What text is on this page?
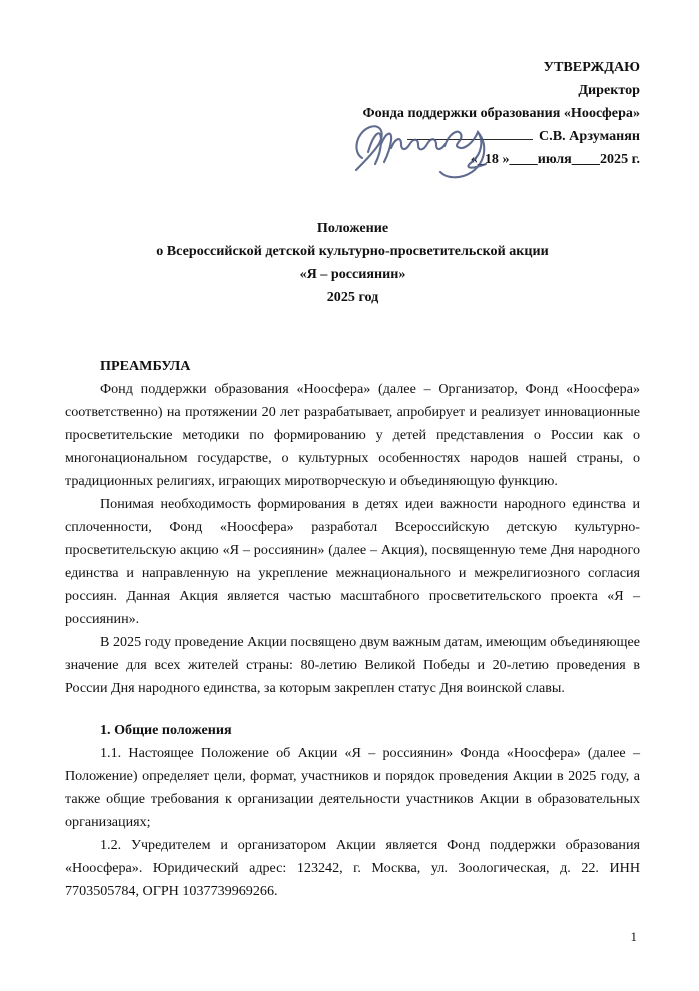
УТВЕРЖДАЮ
Директор
Фонда поддержки образования «Ноосфера»
С.В. Арзуманян
«_18 »____июля____2025 г.
Положение
о Всероссийской детской культурно-просветительской акции
«Я – россиянин»
2025 год

ПРЕАМБУЛА

Фонд поддержки образования «Ноосфера» (далее – Организатор, Фонд «Ноосфера» соответственно) на протяжении 20 лет разрабатывает, апробирует и реализует инновационные просветительские методики по формированию у детей представления о России как о многонациональном государстве, о культурных особенностях народов нашей страны, о традиционных религиях, играющих миротворческую и объединяющую функцию.

Понимая необходимость формирования в детях идеи важности народного единства и сплоченности, Фонд «Ноосфера» разработал Всероссийскую детскую культурно-просветительскую акцию «Я – россиянин» (далее – Акция), посвященную теме Дня народного единства и направленную на укрепление межнационального и межрелигиозного согласия россиян. Данная Акция является частью масштабного просветительского проекта «Я – россиянин».

В 2025 году проведение Акции посвящено двум важным датам, имеющим объединяющее значение для всех жителей страны: 80-летию Великой Победы и 20-летию проведения в России Дня народного единства, за которым закреплен статус Дня воинской славы.

1. Общие положения

1.1. Настоящее Положение об Акции «Я – россиянин» Фонда «Ноосфера» (далее – Положение) определяет цели, формат, участников и порядок проведения Акции в 2025 году, а также общие требования к организации деятельности участников Акции в образовательных организациях;

1.2. Учредителем и организатором Акции является Фонд поддержки образования «Ноосфера». Юридический адрес: 123242, г. Москва, ул. Зоологическая, д. 22. ИНН 7703505784, ОГРН 1037739969266.

1
